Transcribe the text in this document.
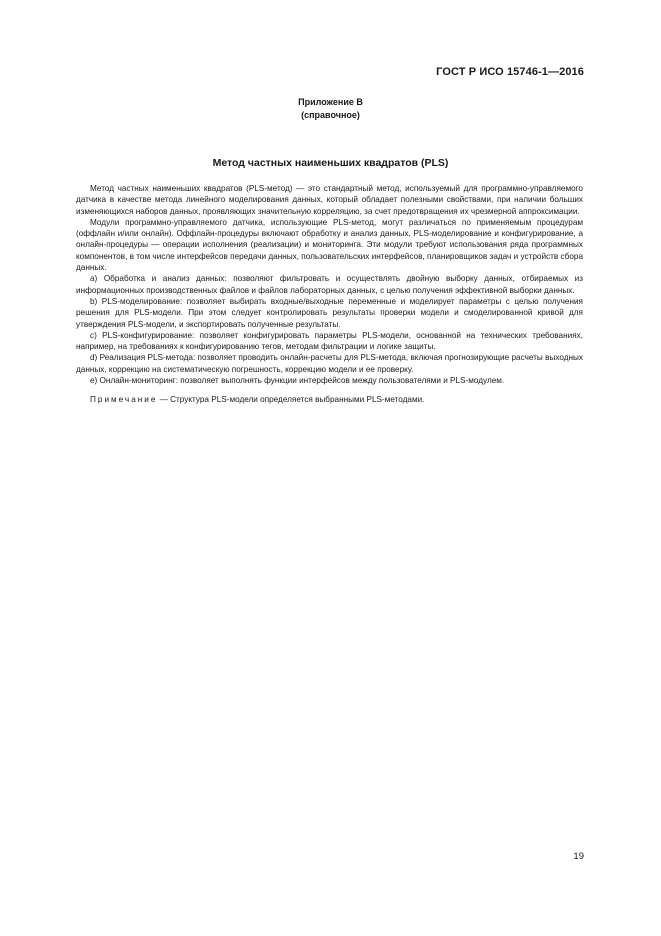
ГОСТ Р ИСО 15746-1—2016
Приложение В
(справочное)
Метод частных наименьших квадратов (PLS)

Метод частных наименьших квадратов (PLS-метод) — это стандартный метод, используемый для программно-управляемого датчика в качестве метода линейного моделирования данных, который обладает полезными свойствами, при наличии больших изменяющихся наборов данных, проявляющих значительную корреляцию, за счет предотвращения их чрезмерной аппроксимации.

Модули программно-управляемого датчика, использующие PLS-метод, могут различаться по применяемым процедурам (оффлайн и/или онлайн). Оффлайн-процедуры включают обработку и анализ данных, PLS-моделирование и конфигурирование, а онлайн-процедуры — операции исполнения (реализации) и мониторинга. Эти модули требуют использования ряда программных компонентов, в том числе интерфейсов передачи данных, пользовательских интерфейсов, планировщиков задач и устройств сбора данных.

а) Обработка и анализ данных: позволяют фильтровать и осуществлять двойную выборку данных, отбираемых из информационных производственных файлов и файлов лабораторных данных, с целью получения эффективной выборки данных.

b) PLS-моделирование: позволяет выбирать входные/выходные переменные и моделирует параметры с целью получения решения для PLS-модели. При этом следует контролировать результаты проверки модели и смоделированной кривой для утверждения PLS-модели, и экспортировать полученные результаты.

c) PLS-конфигурирование: позволяет конфигурировать параметры PLS-модели, основанной на технических требованиях, например, на требованиях к конфигурированию тегов, методам фильтрации и логике защиты.

d) Реализация PLS-метода: позволяет проводить онлайн-расчеты для PLS-метода, включая прогнозирующие расчеты выходных данных, коррекцию на систематическую погрешность, коррекцию модели и ее проверку.

e) Онлайн-мониторинг: позволяет выполнять функции интерфейсов между пользователями и PLS-модулем.

Примечание — Структура PLS-модели определяется выбранными PLS-методами.

19
